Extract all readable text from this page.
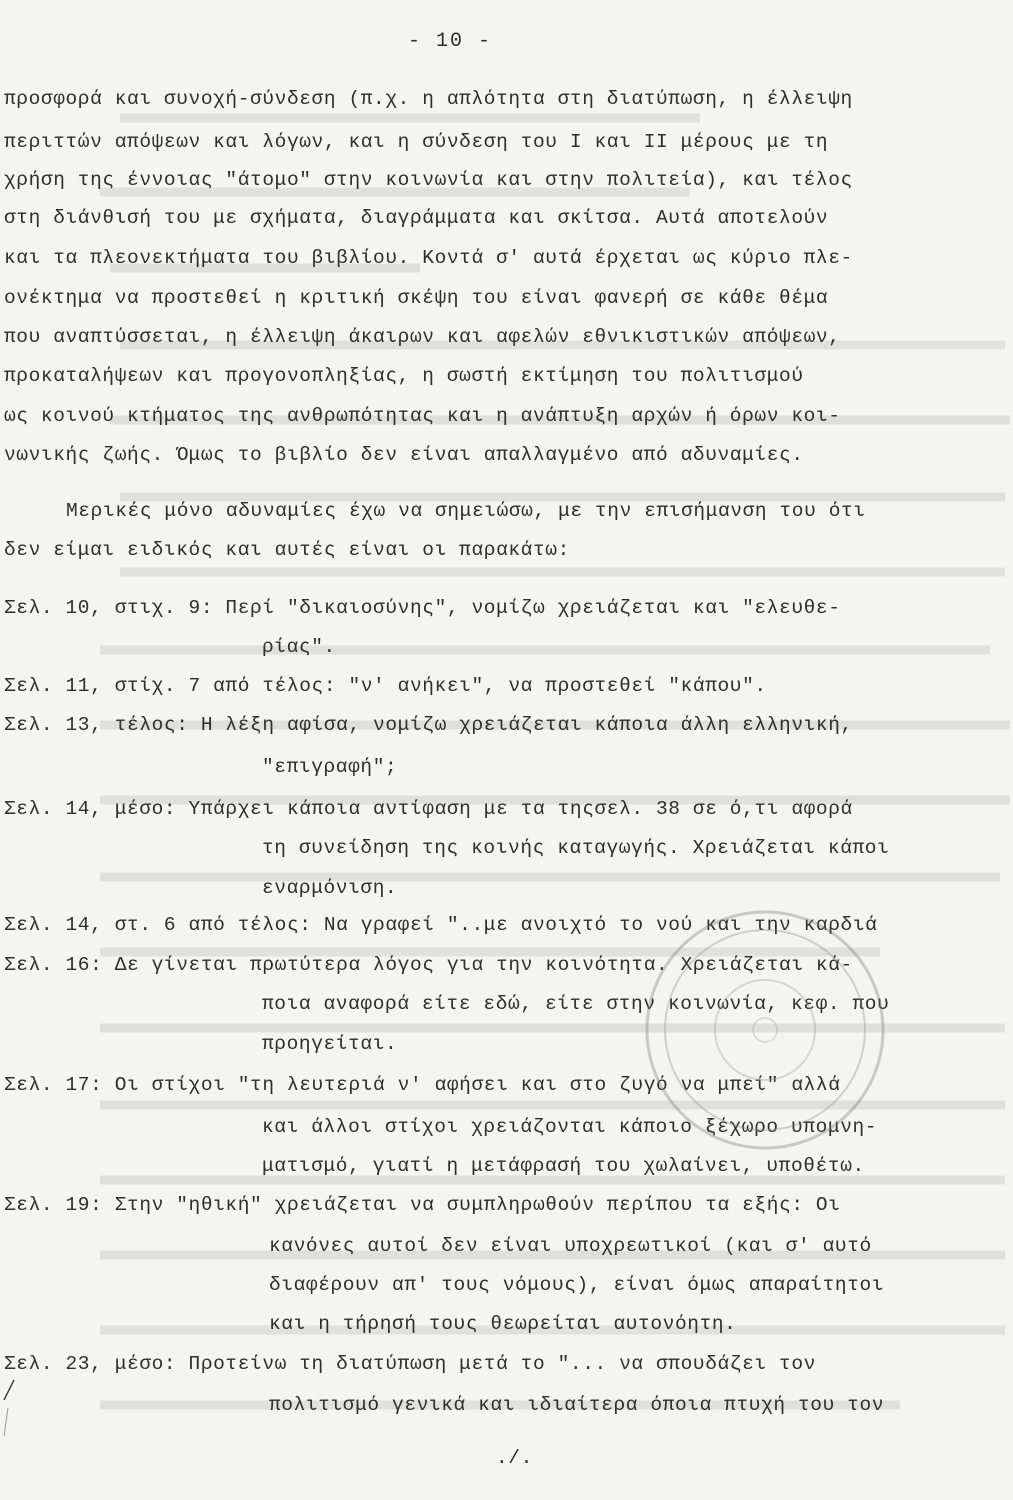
- 10 -
προσφορά και συνοχή-σύνδεση (π.χ. η απλότητα στη διατύπωση, η έλλειψη
περιττών απόψεων και λόγων, και η σύνδεση του I και II μέρους με τη
χρήση της έννοιας "άτομο" στην κοινωνία και στην πολιτεία), και τέλος
στη διάνθισή του με σχήματα, διαγράμματα και σκίτσα. Αυτά αποτελούν
και τα πλεονεκτήματα του βιβλίου. Κοντά σ' αυτά έρχεται ως κύριο πλε-
ονέκτημα να προστεθεί η κριτική σκέψη του είναι φανερή σε κάθε θέμα
που αναπτύσσεται, η έλλειψη άκαιρων και αφελών εθνικιστικών απόψεων,
προκαταλήψεων και προγονοπληξίας, η σωστή εκτίμηση του πολιτισμού
ως κοινού κτήματος της ανθρωπότητας και η ανάπτυξη αρχών ή όρων κοι-
νωνικής ζωής. Όμως το βιβλίο δεν είναι απαλλαγμένο από αδυναμίες.
Μερικές μόνο αδυναμίες έχω να σημειώσω, με την επισήμανση του ότι
δεν είμαι ειδικός και αυτές είναι οι παρακάτω:
Σελ. 10, στιχ. 9: Περί "δικαιοσύνης", νομίζω χρειάζεται και "ελευθε-
ρίας".
Σελ. 11, στίχ. 7 από τέλος: "ν' ανήκει", να προστεθεί "κάπου".
Σελ. 13, τέλος: Η λέξη αφίσα, νομίζω χρειάζεται κάποια άλλη ελληνική,
"επιγραφή";
Σελ. 14, μέσο: Υπάρχει κάποια αντίφαση με τα τηςσελ. 38 σε ό,τι αφορά
τη συνείδηση της κοινής καταγωγής. Χρειάζεται κάποι
εναρμόνιση.
Σελ. 14, στ. 6 από τέλος: Να γραφεί "..με ανοιχτό το νού και την καρδιά
Σελ. 16: Δε γίνεται πρωτύτερα λόγος για την κοινότητα. Χρειάζεται κά-
ποια αναφορά είτε εδώ, είτε στην κοινωνία, κεφ. που
προηγείται.
Σελ. 17: Οι στίχοι "τη λευτεριά ν' αφήσει και στο ζυγό να μπεί" αλλά
και άλλοι στίχοι χρειάζονται κάποιο ξέχωρο υπομνη-
ματισμό, γιατί η μετάφρασή του χωλαίνει, υποθέτω.
Σελ. 19: Στην "ηθική" χρειάζεται να συμπληρωθούν περίπου τα εξής: Οι
κανόνες αυτοί δεν είναι υποχρεωτικοί (και σ' αυτό
διαφέρουν απ' τους νόμους), είναι όμως απαραίτητοι
και η τήρησή τους θεωρείται αυτονόητη.
Σελ. 23, μέσο: Προτείνω τη διατύπωση μετά το "... να σπουδάζει τον
πολιτισμό γενικά και ιδιαίτερα όποια πτυχή του τον
./.
